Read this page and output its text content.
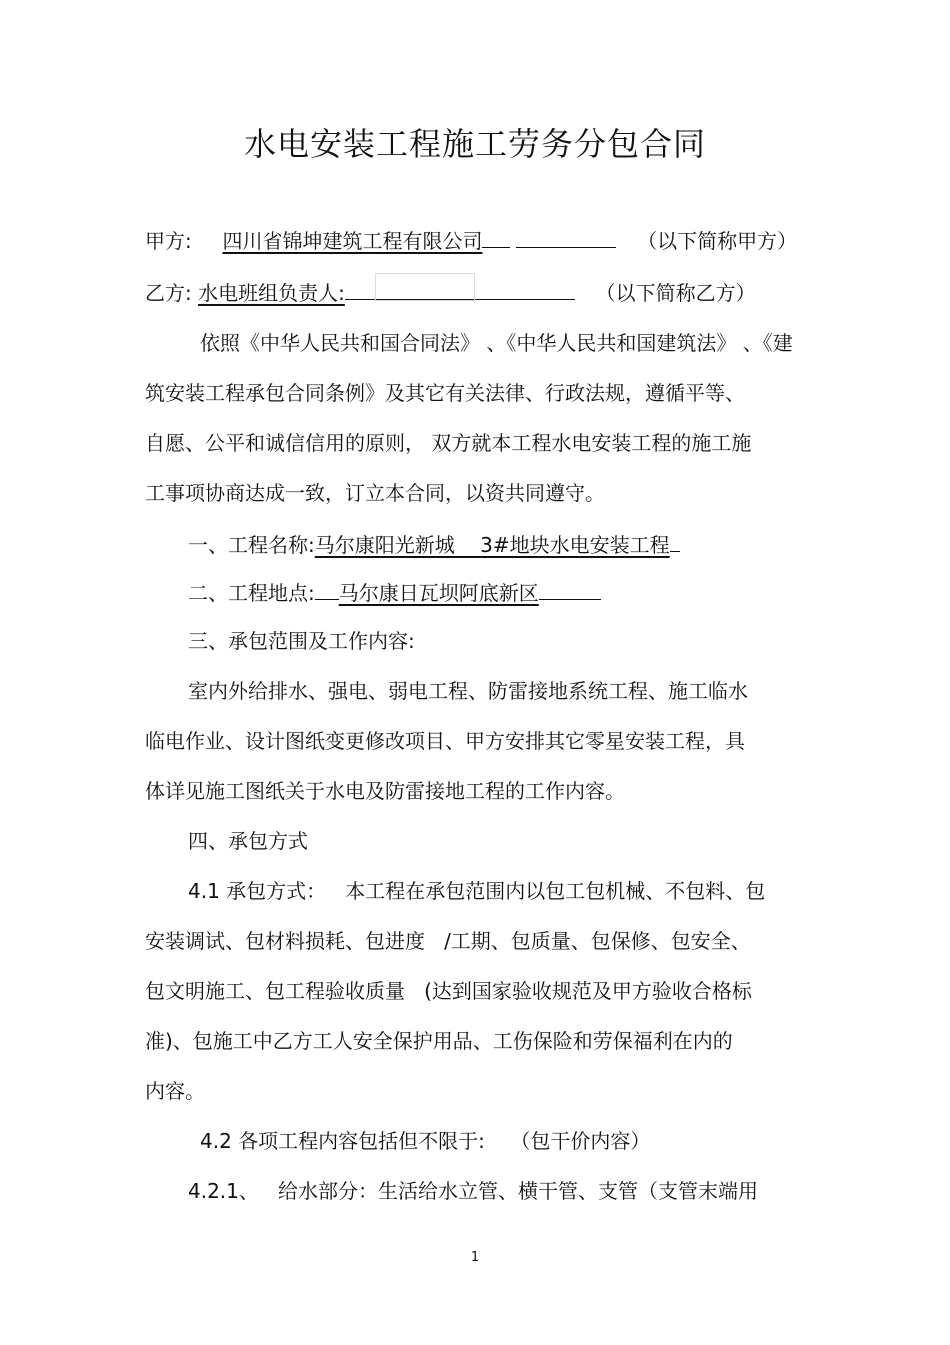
水电安装工程施工劳务分包合同
甲方: 四川省锦坤建筑工程有限公司	（以下简称甲方）
乙方: 水电班组负责人:	（以下简称乙方）
依照《中华人民共和国合同法》 、《中华人民共和国建筑法》 、《建
筑安装工程承包合同条例》及其它有关法律、行政法规，遵循平等、
自愿、公平和诚信信用的原则， 双方就本工程水电安装工程的施工施
工事项协商达成一致，订立本合同，以资共同遵守。
一、工程名称:马尔康阳光新城    3#地块水电安装工程
二、工程地点: 马尔康日瓦坝阿底新区
三、承包范围及工作内容:
室内外给排水、强电、弱电工程、防雷接地系统工程、施工临水
临电作业、设计图纸变更修改项目、甲方安排其它零星安装工程，具
体详见施工图纸关于水电及防雷接地工程的工作内容。
四、承包方式
4.1 承包方式：   本工程在承包范围内以包工包机械、不包料、包
安装调试、包材料损耗、包进度   /工期、包质量、包保修、包安全、
包文明施工、包工程验收质量   (达到国家验收规范及甲方验收合格标
准)、包施工中乙方工人安全保护用品、工伤保险和劳保福利在内的
内容。
4.2 各项工程内容包括但不限于:    （包干价内容）
4.2.1、   给水部分：生活给水立管、横干管、支管（支管末端用
1
